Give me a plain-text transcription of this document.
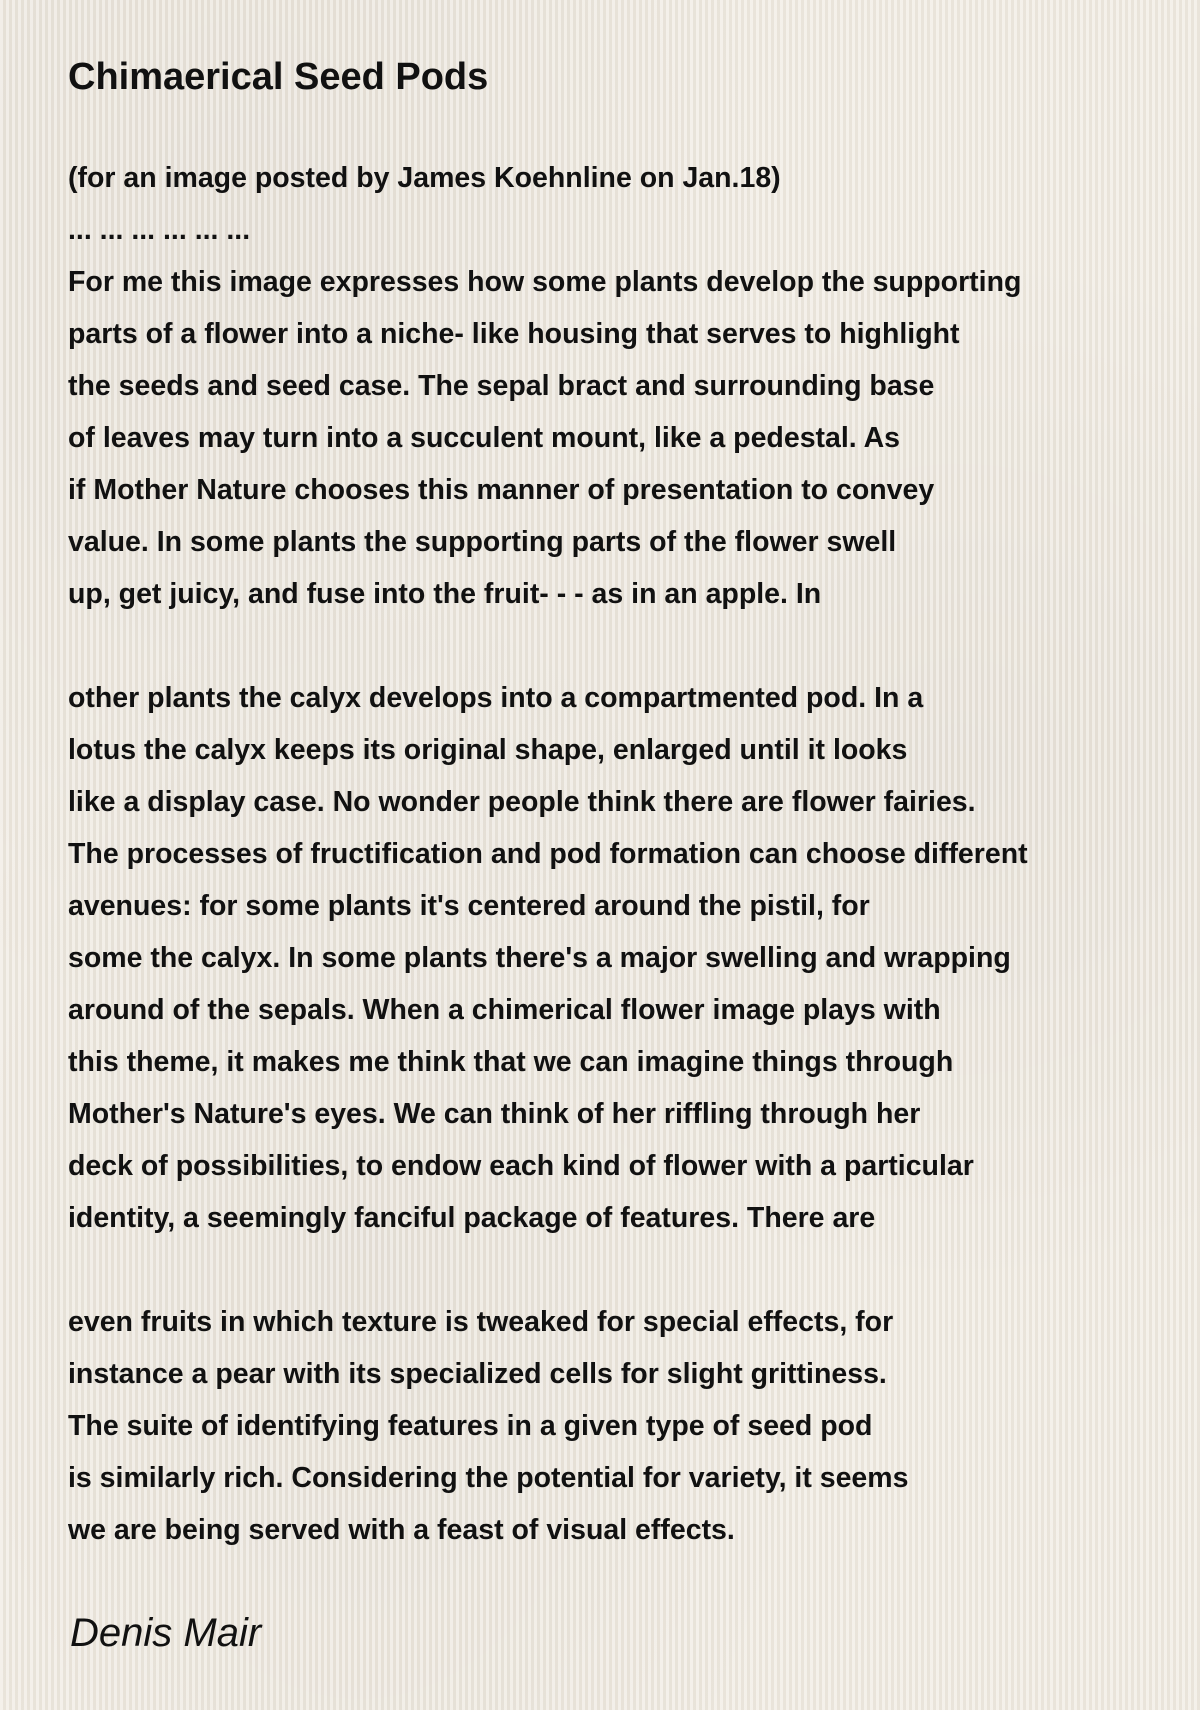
Chimaerical Seed Pods
(for an image posted by James Koehnline on Jan.18)
... ... ... ... ... ...
For me this image expresses how some plants develop the supporting
parts of a flower into a niche- like housing that serves to highlight
the seeds and seed case. The sepal bract and surrounding base
of leaves may turn into a succulent mount, like a pedestal. As
if Mother Nature chooses this manner of presentation to convey
value. In some plants the supporting parts of the flower swell
up, get juicy, and fuse into the fruit- - - as in an apple. In
other plants the calyx develops into a compartmented pod. In a
lotus the calyx keeps its original shape, enlarged until it looks
like a display case. No wonder people think there are flower fairies.
The processes of fructification and pod formation can choose different
avenues: for some plants it's centered around the pistil, for
some the calyx. In some plants there's a major swelling and wrapping
around of the sepals. When a chimerical flower image plays with
this theme, it makes me think that we can imagine things through
Mother's Nature's eyes. We can think of her riffling through her
deck of possibilities, to endow each kind of flower with a particular
identity, a seemingly fanciful package of features. There are
even fruits in which texture is tweaked for special effects, for
instance a pear with its specialized cells for slight grittiness.
The suite of identifying features in a given type of seed pod
is similarly rich. Considering the potential for variety, it seems
we are being served with a feast of visual effects.
Denis Mair
